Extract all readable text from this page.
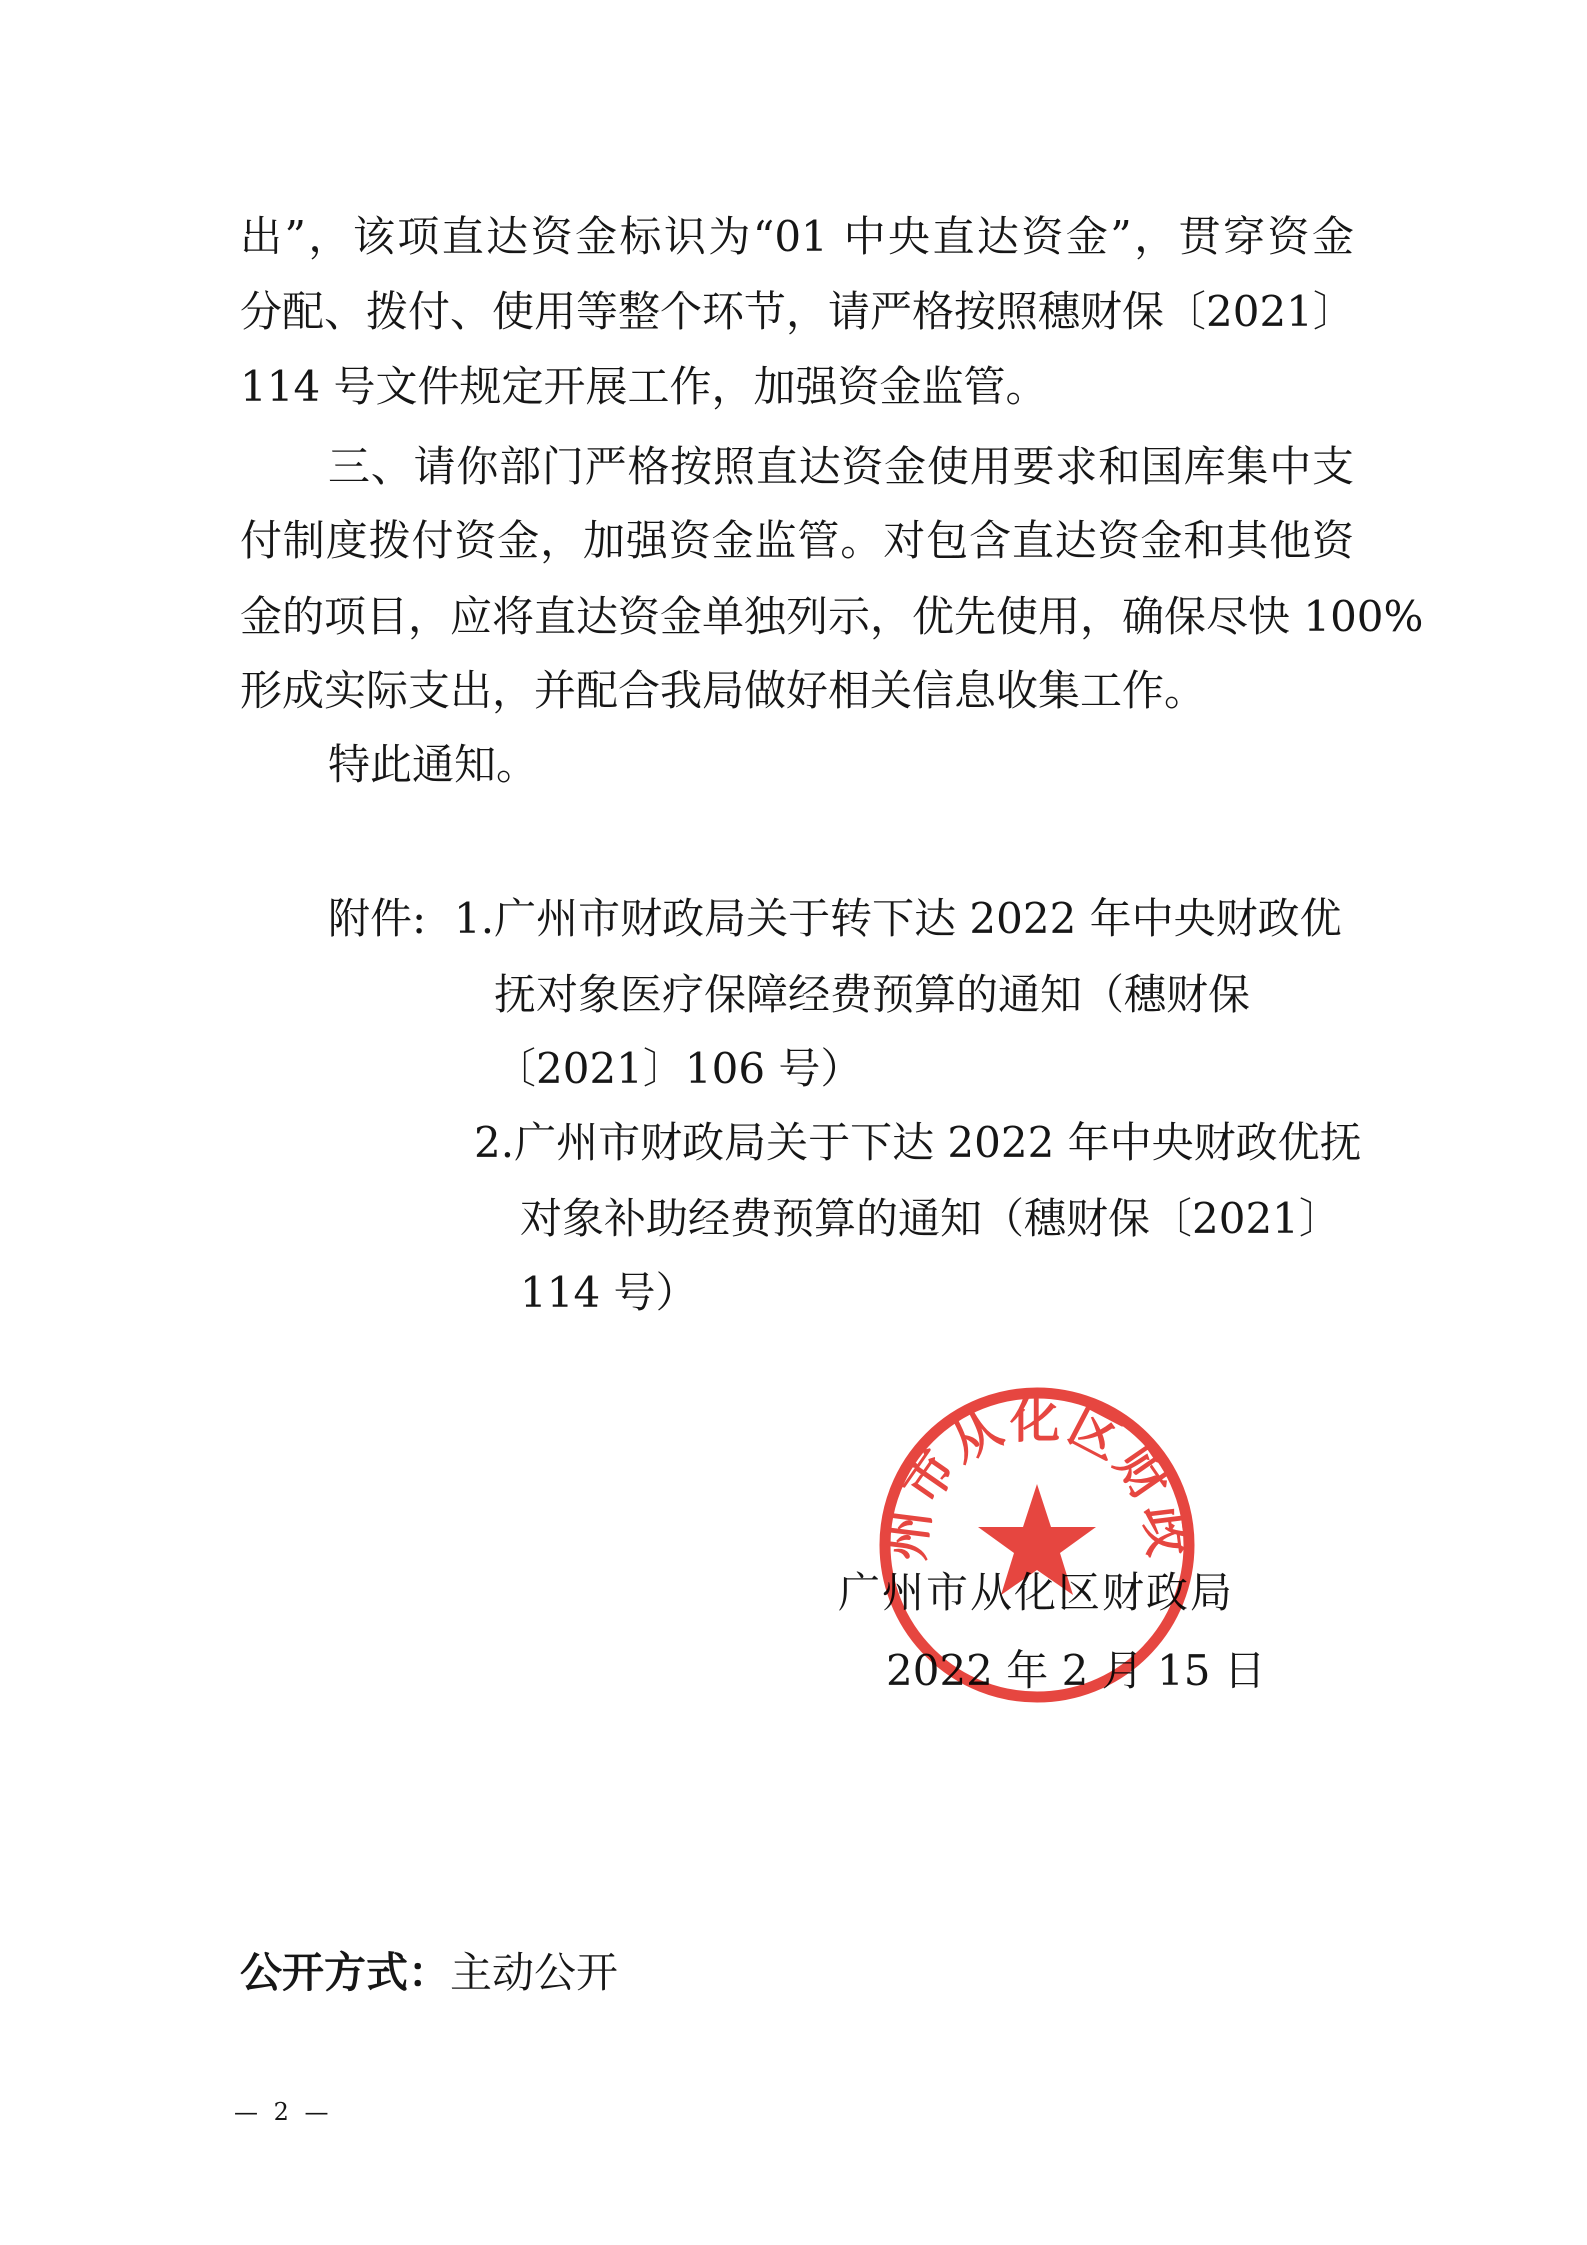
出”，该项直达资金标识为“01 中央直达资金”，贯穿资金
分配、拨付、使用等整个环节，请严格按照穗财保〔2021〕
114 号文件规定开展工作，加强资金监管。
三、请你部门严格按照直达资金使用要求和国库集中支
付制度拨付资金，加强资金监管。对包含直达资金和其他资
金的项目，应将直达资金单独列示，优先使用，确保尽快 100%
形成实际支出，并配合我局做好相关信息收集工作。
特此通知。
附件: 1.广州市财政局关于转下达 2022 年中央财政优
抚对象医疗保障经费预算的通知（穗财保
〔2021〕106 号）
2.广州市财政局关于下达 2022 年中央财政优抚
对象补助经费预算的通知（穗财保〔2021〕
114 号）
广州市从化区财政局
2022 年 2 月 15 日
州市从化区财政
公开方式：主动公开
— 2 —
